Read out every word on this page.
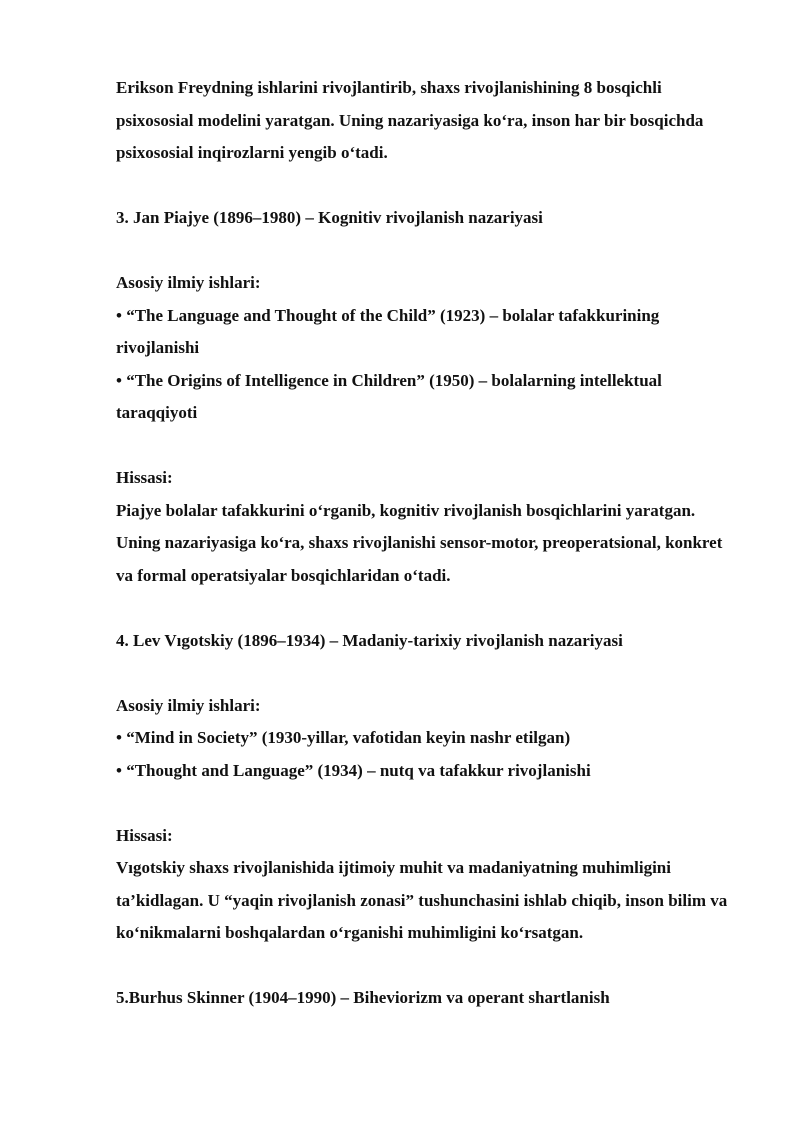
Erikson Freydning ishlarini rivojlantirib, shaxs rivojlanishining 8 bosqichli psixososial modelini yaratgan. Uning nazariyasiga ko‘ra, inson har bir bosqichda psixososial inqirozlarni yengib o‘tadi.

3. Jan Piajye (1896–1980) – Kognitiv rivojlanish nazariyasi

Asosiy ilmiy ishlari:

• “The Language and Thought of the Child” (1923) – bolalar tafakkurining rivojlanishi

• “The Origins of Intelligence in Children” (1950) – bolalarning intellektual taraqqiyoti

Hissasi:

Piajye bolalar tafakkurini o‘rganib, kognitiv rivojlanish bosqichlarini yaratgan. Uning nazariyasiga ko‘ra, shaxs rivojlanishi sensor-motor, preoperatsional, konkret va formal operatsiyalar bosqichlaridan o‘tadi.

4. Lev Vıgotskiy (1896–1934) – Madaniy-tarixiy rivojlanish nazariyasi

Asosiy ilmiy ishlari:

• “Mind in Society” (1930-yillar, vafotidan keyin nashr etilgan)

• “Thought and Language” (1934) – nutq va tafakkur rivojlanishi

Hissasi:

Vıgotskiy shaxs rivojlanishida ijtimoiy muhit va madaniyatning muhimligini ta’kidlagan. U “yaqin rivojlanish zonasi” tushunchasini ishlab chiqib, inson bilim va ko‘nikmalarni boshqalardan o‘rganishi muhimligini ko‘rsatgan.

5.Burhus Skinner (1904–1990) – Biheviorizm va operant shartlanish
